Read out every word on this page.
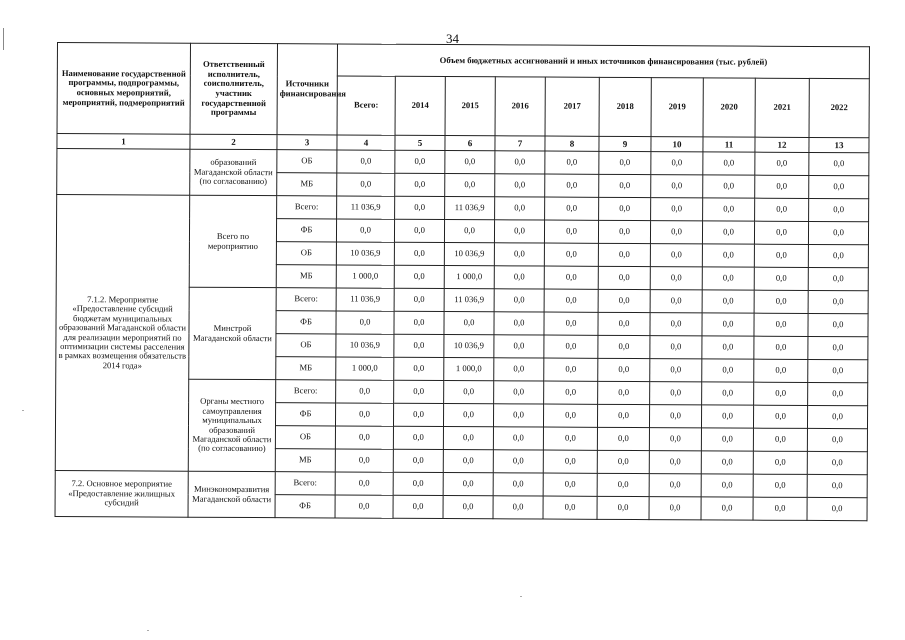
34
Наименование государственной программы, подпрограммы, основных мероприятий, мероприятий, подмероприятий	Ответственный исполнитель, соисполнитель, участник государственной программы	Источники финансирования	Объем бюджетных ассигнований и иных источников финансирования (тыс. рублей)									
			Всего:	2014	2015	2016	2017	2018	2019	2020	2021	2022
1	2	3	4	5	6	7	8	9	10	11	12	13
	образований Магаданской области (по согласованию)	ОБ	0,0	0,0	0,0	0,0	0,0	0,0	0,0	0,0	0,0	0,0
		МБ	0,0	0,0	0,0	0,0	0,0	0,0	0,0	0,0	0,0	0,0
7.1.2. Мероприятие «Предоставление субсидий бюджетам муниципальных образований Магаданской области для реализации мероприятий по оптимизации системы расселения в рамках возмещения обязательств 2014 года»	Всего по мероприятию	Всего:	11 036,9	0,0	11 036,9	0,0	0,0	0,0	0,0	0,0	0,0	0,0
		ФБ	0,0	0,0	0,0	0,0	0,0	0,0	0,0	0,0	0,0	0,0
		ОБ	10 036,9	0,0	10 036,9	0,0	0,0	0,0	0,0	0,0	0,0	0,0
		МБ	1 000,0	0,0	1 000,0	0,0	0,0	0,0	0,0	0,0	0,0	0,0
	Минстрой Магаданской области	Всего:	11 036,9	0,0	11 036,9	0,0	0,0	0,0	0,0	0,0	0,0	0,0
		ФБ	0,0	0,0	0,0	0,0	0,0	0,0	0,0	0,0	0,0	0,0
		ОБ	10 036,9	0,0	10 036,9	0,0	0,0	0,0	0,0	0,0	0,0	0,0
		МБ	1 000,0	0,0	1 000,0	0,0	0,0	0,0	0,0	0,0	0,0	0,0
	Органы местного самоуправления муниципальных образований Магаданской области (по согласованию)	Всего:	0,0	0,0	0,0	0,0	0,0	0,0	0,0	0,0	0,0	0,0
		ФБ	0,0	0,0	0,0	0,0	0,0	0,0	0,0	0,0	0,0	0,0
		ОБ	0,0	0,0	0,0	0,0	0,0	0,0	0,0	0,0	0,0	0,0
		МБ	0,0	0,0	0,0	0,0	0,0	0,0	0,0	0,0	0,0	0,0
7.2. Основное мероприятие «Предоставление жилищных субсидий	Минэкономразвития Магаданской области	Всего:	0,0	0,0	0,0	0,0	0,0	0,0	0,0	0,0	0,0	0,0
		ФБ	0,0	0,0	0,0	0,0	0,0	0,0	0,0	0,0	0,0	0,0
